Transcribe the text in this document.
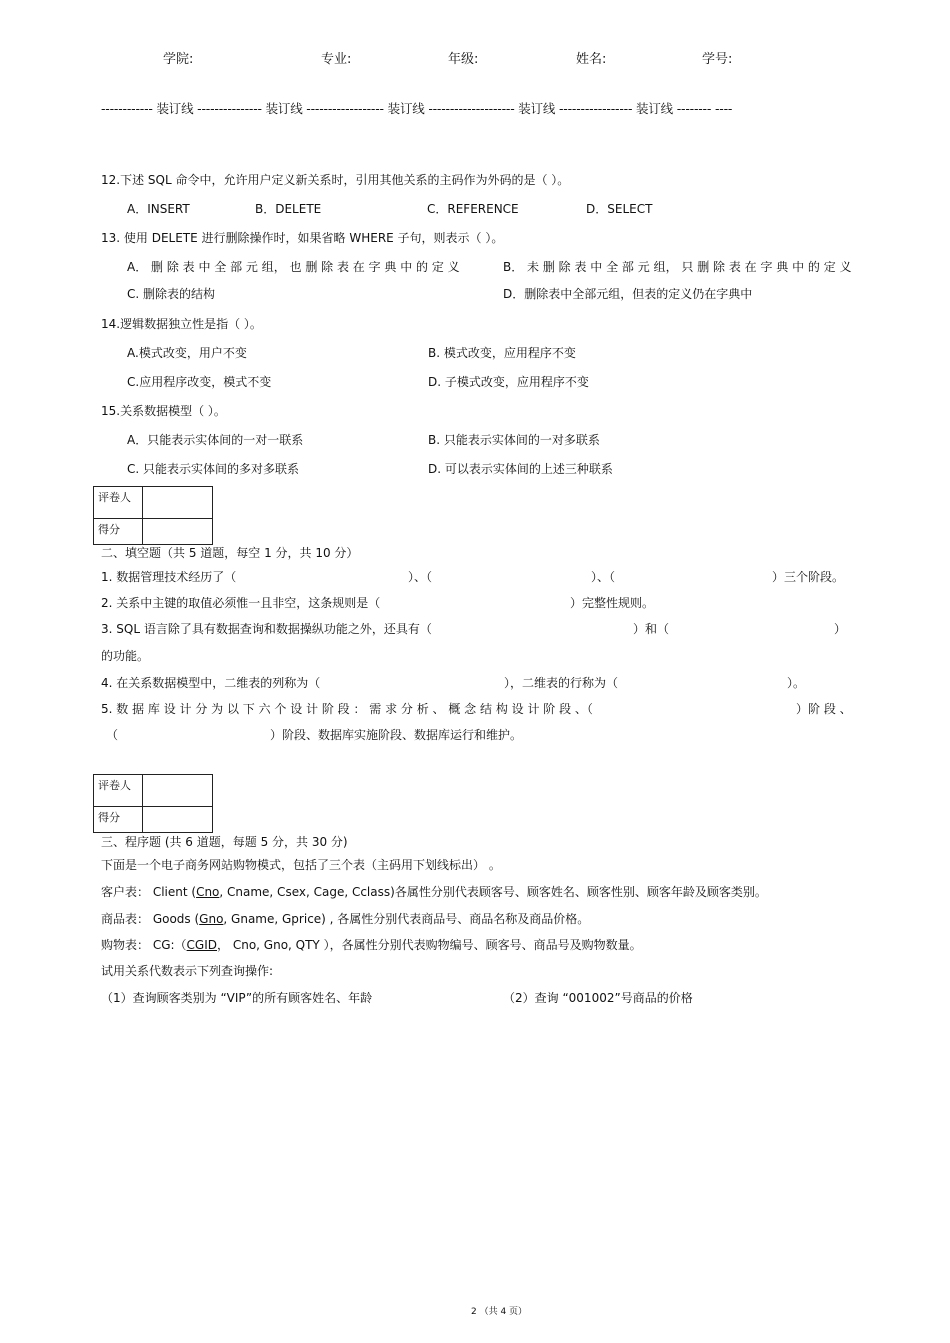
学院:	专业:	年级:	姓名:	学号:
------------ 装订线 --------------- 装订线 ------------------ 装订线 -------------------- 装订线 ----------------- 装订线 -------- ----
12.下述 SQL 命令中，允许用户定义新关系时，引用其他关系的主码作为外码的是（ ）。
A．INSERT	B．DELETE	C．REFERENCE	D．SELECT
13. 使用 DELETE 进行删除操作时，如果省略 WHERE 子句，则表示（ ）。
A． 删 除 表 中 全 部 元 组， 也 删 除 表 在 字 典 中 的 定 义	B． 未 删 除 表 中 全 部 元 组， 只 删 除 表 在 字 典 中 的 定 义
C. 删除表的结构	D．删除表中全部元组，但表的定义仍在字典中
14.逻辑数据独立性是指（ ）。
A.模式改变，用户不变	B. 模式改变，应用程序不变
C.应用程序改变，模式不变	D. 子模式改变，应用程序不变
15.关系数据模型（ ）。
A．只能表示实体间的一对一联系	B. 只能表示实体间的一对多联系
C. 只能表示实体间的多对多联系	D. 可以表示实体间的上述三种联系
评卷人	
得分	
二、填空题（共 5 道题，每空 1 分，共 10 分）
1. 数据管理技术经历了（	）、（	）、（	）三个阶段。
2. 关系中主键的取值必须惟一且非空，这条规则是（	）完整性规则。
3. SQL 语言除了具有数据查询和数据操纵功能之外，还具有（	）和（	）
的功能。
4. 在关系数据模型中，二维表的列称为（	），二维表的行称为（	）。
5. 数 据 库 设 计 分 为 以 下 六 个 设 计 阶 段 ： 需 求 分 析 、 概 念 结 构 设 计 阶 段 、（	）阶 段 、
（	）阶段、数据库实施阶段、数据库运行和维护。
评卷人	
得分	
三、程序题 (共 6 道题，每题 5 分，共 30 分)
下面是一个电子商务网站购物模式，包括了三个表（主码用下划线标出） 。
客户表： Client (Cno, Cname, Csex, Cage, Cclass)各属性分别代表顾客号、顾客姓名、顾客性别、顾客年龄及顾客类别。
商品表： Goods (Gno, Gname, Gprice) , 各属性分别代表商品号、商品名称及商品价格。
购物表： CG:（CGID， Cno, Gno, QTY ），各属性分别代表购物编号、顾客号、商品号及购物数量。
试用关系代数表示下列查询操作:
（1）查询顾客类别为 “VIP”的所有顾客姓名、年龄	（2）查询 “001002”号商品的价格
2 （共 4 页）
